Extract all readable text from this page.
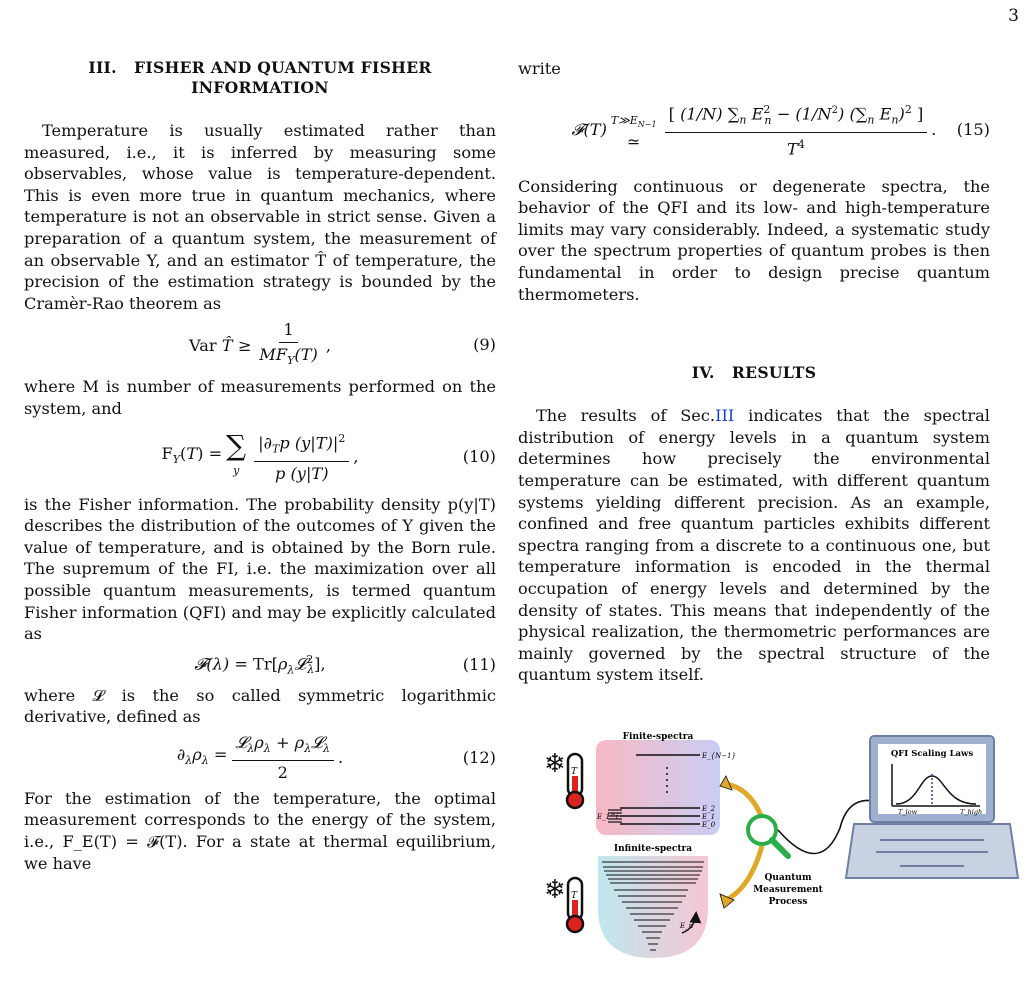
3
III.   FISHER AND QUANTUM FISHER
INFORMATION

Temperature is usually estimated rather than measured, i.e., it is inferred by measuring some observables, whose value is temperature-dependent. This is even more true in quantum mechanics, where temperature is not an observable in strict sense. Given a preparation of a quantum system, the measurement of an observable Y, and an estimator T̂ of temperature, the precision of the estimation strategy is bounded by the Cramèr-Rao theorem as

Var T̂ ≥ $\frac{1}{MF_Y(T)}$ ,	(9)

where M is number of measurements performed on the system, and

$F_Y(T)$ = ∑
y $\frac{|\partial_Tp (y|T)|^2}{p (y|T)}$ ,	(10)

is the Fisher information. The probability density p(y|T) describes the distribution of the outcomes of Y given the value of temperature, and is obtained by the Born rule. The supremum of the FI, i.e. the maximization over all possible quantum measurements, is termed quantum Fisher information (QFI) and may be explicitly calculated as

𝓕(λ) = $Tr[\rho_\lambda 𝓛^2_\lambda]$,	(11)

where 𝓛 is the so called symmetric logarithmic derivative, defined as

$\partial_\lambda\rho_\lambda = \frac{𝓛_\lambda\rho_\lambda + \rho_\lambda 𝓛_\lambda}{2}$ .	(12)

For the estimation of the temperature, the optimal measurement corresponds to the energy of the system, i.e., F_E(T) = 𝓕(T). For a state at thermal equilibrium, we have

write

𝓕(T) $T≫E_{N-1}$
≃ $\frac{[ (1/N) \sum_n E^2_n - (1/N^2) (\sum_n E_n)^2 ]}{T^4}$ . (15)

Considering continuous or degenerate spectra, the behavior of the QFI and its low- and high-temperature limits may vary considerably. Indeed, a systematic study over the spectrum properties of quantum probes is then fundamental in order to design precise quantum thermometers.

IV.   RESULTS

The results of Sec.III indicates that the spectral distribution of energy levels in a quantum system determines how precisely the environmental temperature can be estimated, with different quantum systems yielding different precision. As an example, confined and free quantum particles exhibits different spectra ranging from a discrete to a continuous one, but temperature information is encoded in the thermal occupation of energy levels and determined by the density of states. This means that independently of the physical realization, the thermometric performances are mainly governed by the spectral structure of the quantum system itself.

Finite-spectra
E_{N−1}
E_2
E_1
E_0
E_1^i
❄ T
Infinite-spectra
E_n
❄ T
Quantum
Measurement
Process
QFI Scaling Laws
T_low	T_high
